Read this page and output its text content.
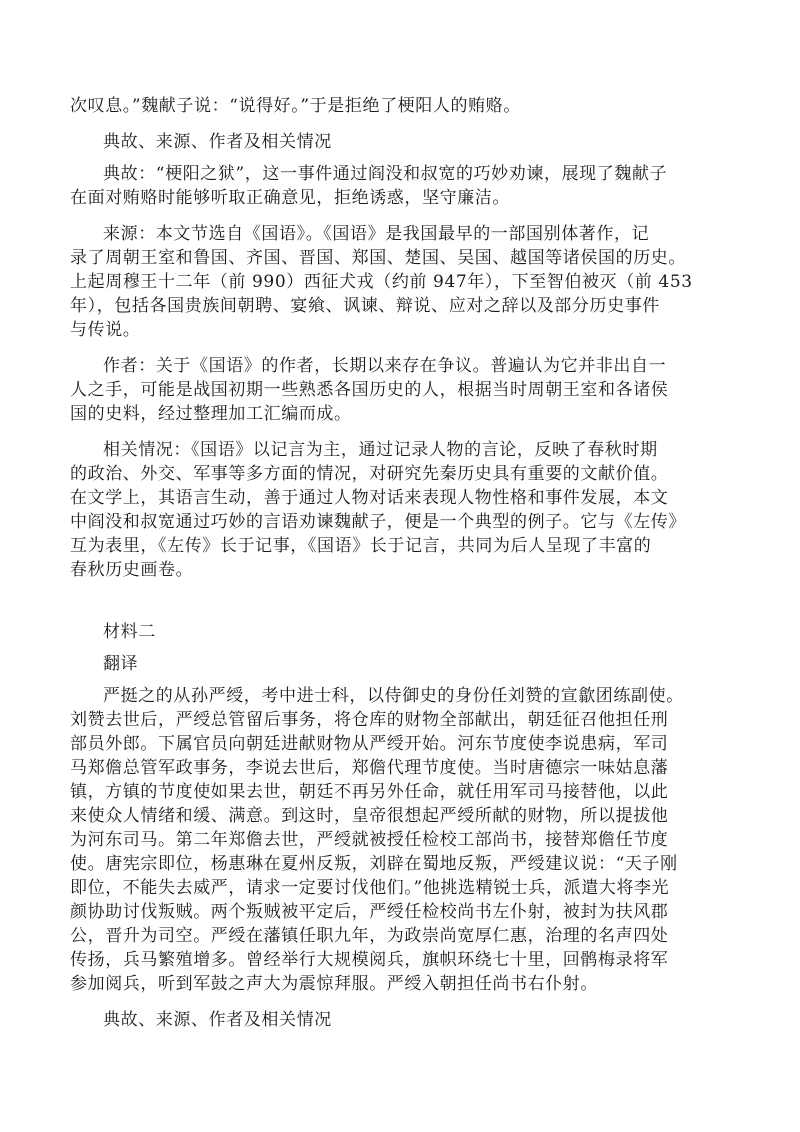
次叹息。”魏献子说：“说得好。”于是拒绝了梗阳人的贿赂。
典故、来源、作者及相关情况
典故：“梗阳之狱”，这一事件通过阎没和叔宽的巧妙劝谏，展现了魏献子
在面对贿赂时能够听取正确意见，拒绝诱惑，坚守廉洁。
来源：本文节选自《国语》。《国语》是我国最早的一部国别体著作，记
录了周朝王室和鲁国、齐国、晋国、郑国、楚国、吴国、越国等诸侯国的历史。
上起周穆王十二年（前 990）西征犬戎（约前 947年），下至智伯被灭（前 453
年），包括各国贵族间朝聘、宴飨、讽谏、辩说、应对之辞以及部分历史事件
与传说。
作者：关于《国语》的作者，长期以来存在争议。普遍认为它并非出自一
人之手，可能是战国初期一些熟悉各国历史的人，根据当时周朝王室和各诸侯
国的史料，经过整理加工汇编而成。
相关情况：《国语》以记言为主，通过记录人物的言论，反映了春秋时期
的政治、外交、军事等多方面的情况，对研究先秦历史具有重要的文献价值。
在文学上，其语言生动，善于通过人物对话来表现人物性格和事件发展，本文
中阎没和叔宽通过巧妙的言语劝谏魏献子，便是一个典型的例子。它与《左传》
互为表里，《左传》长于记事，《国语》长于记言，共同为后人呈现了丰富的
春秋历史画卷。
材料二
翻译
严挺之的从孙严绶，考中进士科，以侍御史的身份任刘赞的宣歙团练副使。
刘赞去世后，严绶总管留后事务，将仓库的财物全部献出，朝廷征召他担任刑
部员外郎。下属官员向朝廷进献财物从严绶开始。河东节度使李说患病，军司
马郑儋总管军政事务，李说去世后，郑儋代理节度使。当时唐德宗一味姑息藩
镇，方镇的节度使如果去世，朝廷不再另外任命，就任用军司马接替他，以此
来使众人情绪和缓、满意。到这时，皇帝很想起严绶所献的财物，所以提拔他
为河东司马。第二年郑儋去世，严绶就被授任检校工部尚书，接替郑儋任节度
使。唐宪宗即位，杨惠琳在夏州反叛，刘辟在蜀地反叛，严绶建议说：“天子刚
即位，不能失去威严，请求一定要讨伐他们。”他挑选精锐士兵，派遣大将李光
颜协助讨伐叛贼。两个叛贼被平定后，严绶任检校尚书左仆射，被封为扶风郡
公，晋升为司空。严绶在藩镇任职九年，为政崇尚宽厚仁惠，治理的名声四处
传扬，兵马繁殖增多。曾经举行大规模阅兵，旗帜环绕七十里，回鹘梅录将军
参加阅兵，听到军鼓之声大为震惊拜服。严绶入朝担任尚书右仆射。
典故、来源、作者及相关情况
